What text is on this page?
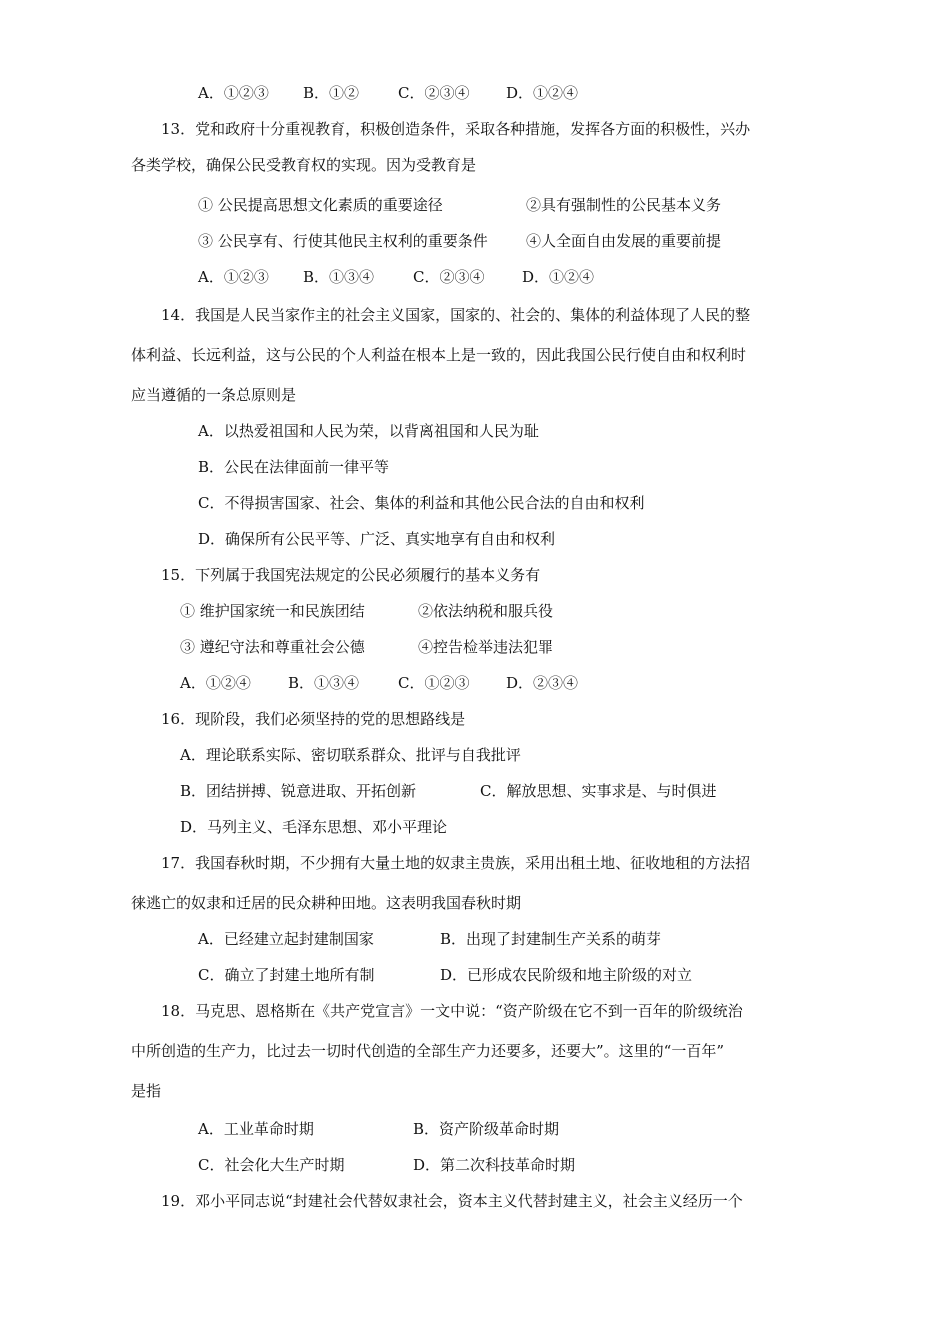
A．①②③ B．①②	C．②③④ D．①②④
13．党和政府十分重视教育，积极创造条件，采取各种措施，发挥各方面的积极性，兴办
各类学校，确保公民受教育权的实现。因为受教育是
① 公民提高思想文化素质的重要途径	②具有强制性的公民基本义务
③ 公民享有、行使其他民主权利的重要条件	④人全面自由发展的重要前提
A．①②③ B．①③④	C．②③④	D．①②④
14．我国是人民当家作主的社会主义国家，国家的、社会的、集体的利益体现了人民的整
体利益、长远利益，这与公民的个人利益在根本上是一致的，因此我国公民行使自由和权利时
应当遵循的一条总原则是
A．以热爱祖国和人民为荣，以背离祖国和人民为耻
B．公民在法律面前一律平等
C．不得损害国家、社会、集体的利益和其他公民合法的自由和权利
D．确保所有公民平等、广泛、真实地享有自由和权利
15．下列属于我国宪法规定的公民必须履行的基本义务有
① 维护国家统一和民族团结	②依法纳税和服兵役
③ 遵纪守法和尊重社会公德	④控告检举违法犯罪
A．①②④ B．①③④	C．①②③ D．②③④
16．现阶段，我们必须坚持的党的思想路线是
A．理论联系实际、密切联系群众、批评与自我批评
B．团结拼搏、锐意进取、开拓创新	C．解放思想、实事求是、与时俱进
D．马列主义、毛泽东思想、邓小平理论
17．我国春秋时期，不少拥有大量土地的奴隶主贵族，采用出租土地、征收地租的方法招
徕逃亡的奴隶和迁居的民众耕种田地。这表明我国春秋时期
A．已经建立起封建制国家	B．出现了封建制生产关系的萌芽
C．确立了封建土地所有制	D．已形成农民阶级和地主阶级的对立
18．马克思、恩格斯在《共产党宣言》一文中说：“资产阶级在它不到一百年的阶级统治
中所创造的生产力，比过去一切时代创造的全部生产力还要多，还要大”。这里的“一百年”
是指
A．工业革命时期	B．资产阶级革命时期
C．社会化大生产时期	D．第二次科技革命时期
19．邓小平同志说“封建社会代替奴隶社会，资本主义代替封建主义，社会主义经历一个
